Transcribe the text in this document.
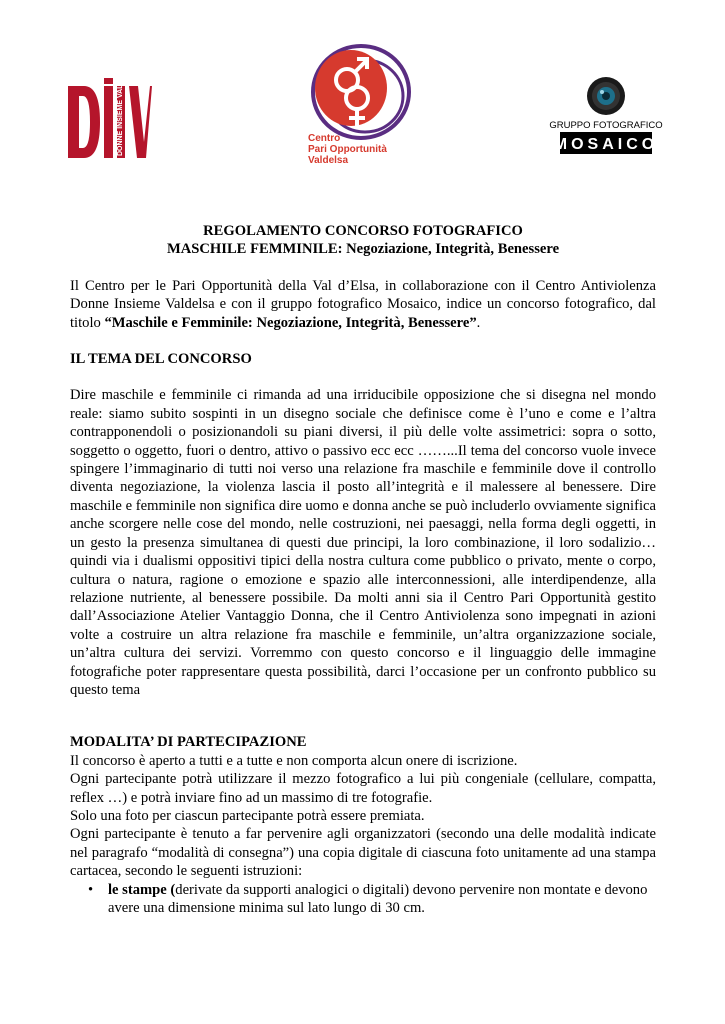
DONNE INSIEME VALDELSA	Centro
Pari Opportunità
Valdelsa
GRUPPO FOTOGRAFICO
MOSAICO

REGOLAMENTO CONCORSO FOTOGRAFICO

MASCHILE FEMMINILE: Negoziazione, Integrità, Benessere

Il Centro per le Pari Opportunità della Val d’Elsa, in collaborazione con il Centro Antiviolenza Donne Insieme Valdelsa e con il gruppo fotografico Mosaico, indice un concorso fotografico, dal titolo “Maschile e Femminile: Negoziazione, Integrità, Benessere”.

IL TEMA DEL CONCORSO

Dire maschile e femminile ci rimanda ad una irriducibile opposizione che si disegna nel mondo reale: siamo subito sospinti in un disegno sociale che definisce come è l’uno e come e l’altra contrapponendoli o posizionandoli su piani diversi, il più delle volte assimetrici: sopra o sotto, soggetto o oggetto, fuori o dentro, attivo o passivo ecc ecc ……...Il tema del concorso vuole invece spingere l’immaginario di tutti noi verso una relazione fra maschile e femminile dove il controllo diventa negoziazione, la violenza lascia il posto all’integrità e il malessere al benessere. Dire maschile e femminile non significa dire uomo e donna anche se può includerlo ovviamente significa anche scorgere nelle cose del mondo, nelle costruzioni, nei paesaggi, nella forma degli oggetti, in un gesto la presenza simultanea di questi due principi, la loro combinazione, il loro sodalizio…quindi via i dualismi oppositivi tipici della nostra cultura come pubblico o privato, mente o corpo, cultura o natura, ragione o emozione e spazio alle interconnessioni, alle interdipendenze, alla relazione nutriente, al benessere possibile. Da molti anni sia il Centro Pari Opportunità gestito dall’Associazione Atelier Vantaggio Donna, che il Centro Antiviolenza sono impegnati in azioni volte a costruire un altra relazione fra maschile e femminile, un’altra organizzazione sociale, un’altra cultura dei servizi. Vorremmo con questo concorso e il linguaggio delle immagine fotografiche poter rappresentare questa possibilità, darci l’occasione per un confronto pubblico su questo tema

MODALITA’ DI PARTECIPAZIONE

Il concorso è aperto a tutti e a tutte e non comporta alcun onere di iscrizione.

Ogni partecipante potrà utilizzare il mezzo fotografico a lui più congeniale (cellulare, compatta, reflex …) e potrà inviare fino ad un massimo di tre fotografie.

Solo una foto per ciascun partecipante potrà essere premiata.

Ogni partecipante è tenuto a far pervenire agli organizzatori (secondo una delle modalità indicate nel paragrafo “modalità di consegna”) una copia digitale di ciascuna foto unitamente ad una stampa cartacea, secondo le seguenti istruzioni:

• le stampe (derivate da supporti analogici o digitali) devono pervenire non montate e devono avere una dimensione minima sul lato lungo di 30 cm.
